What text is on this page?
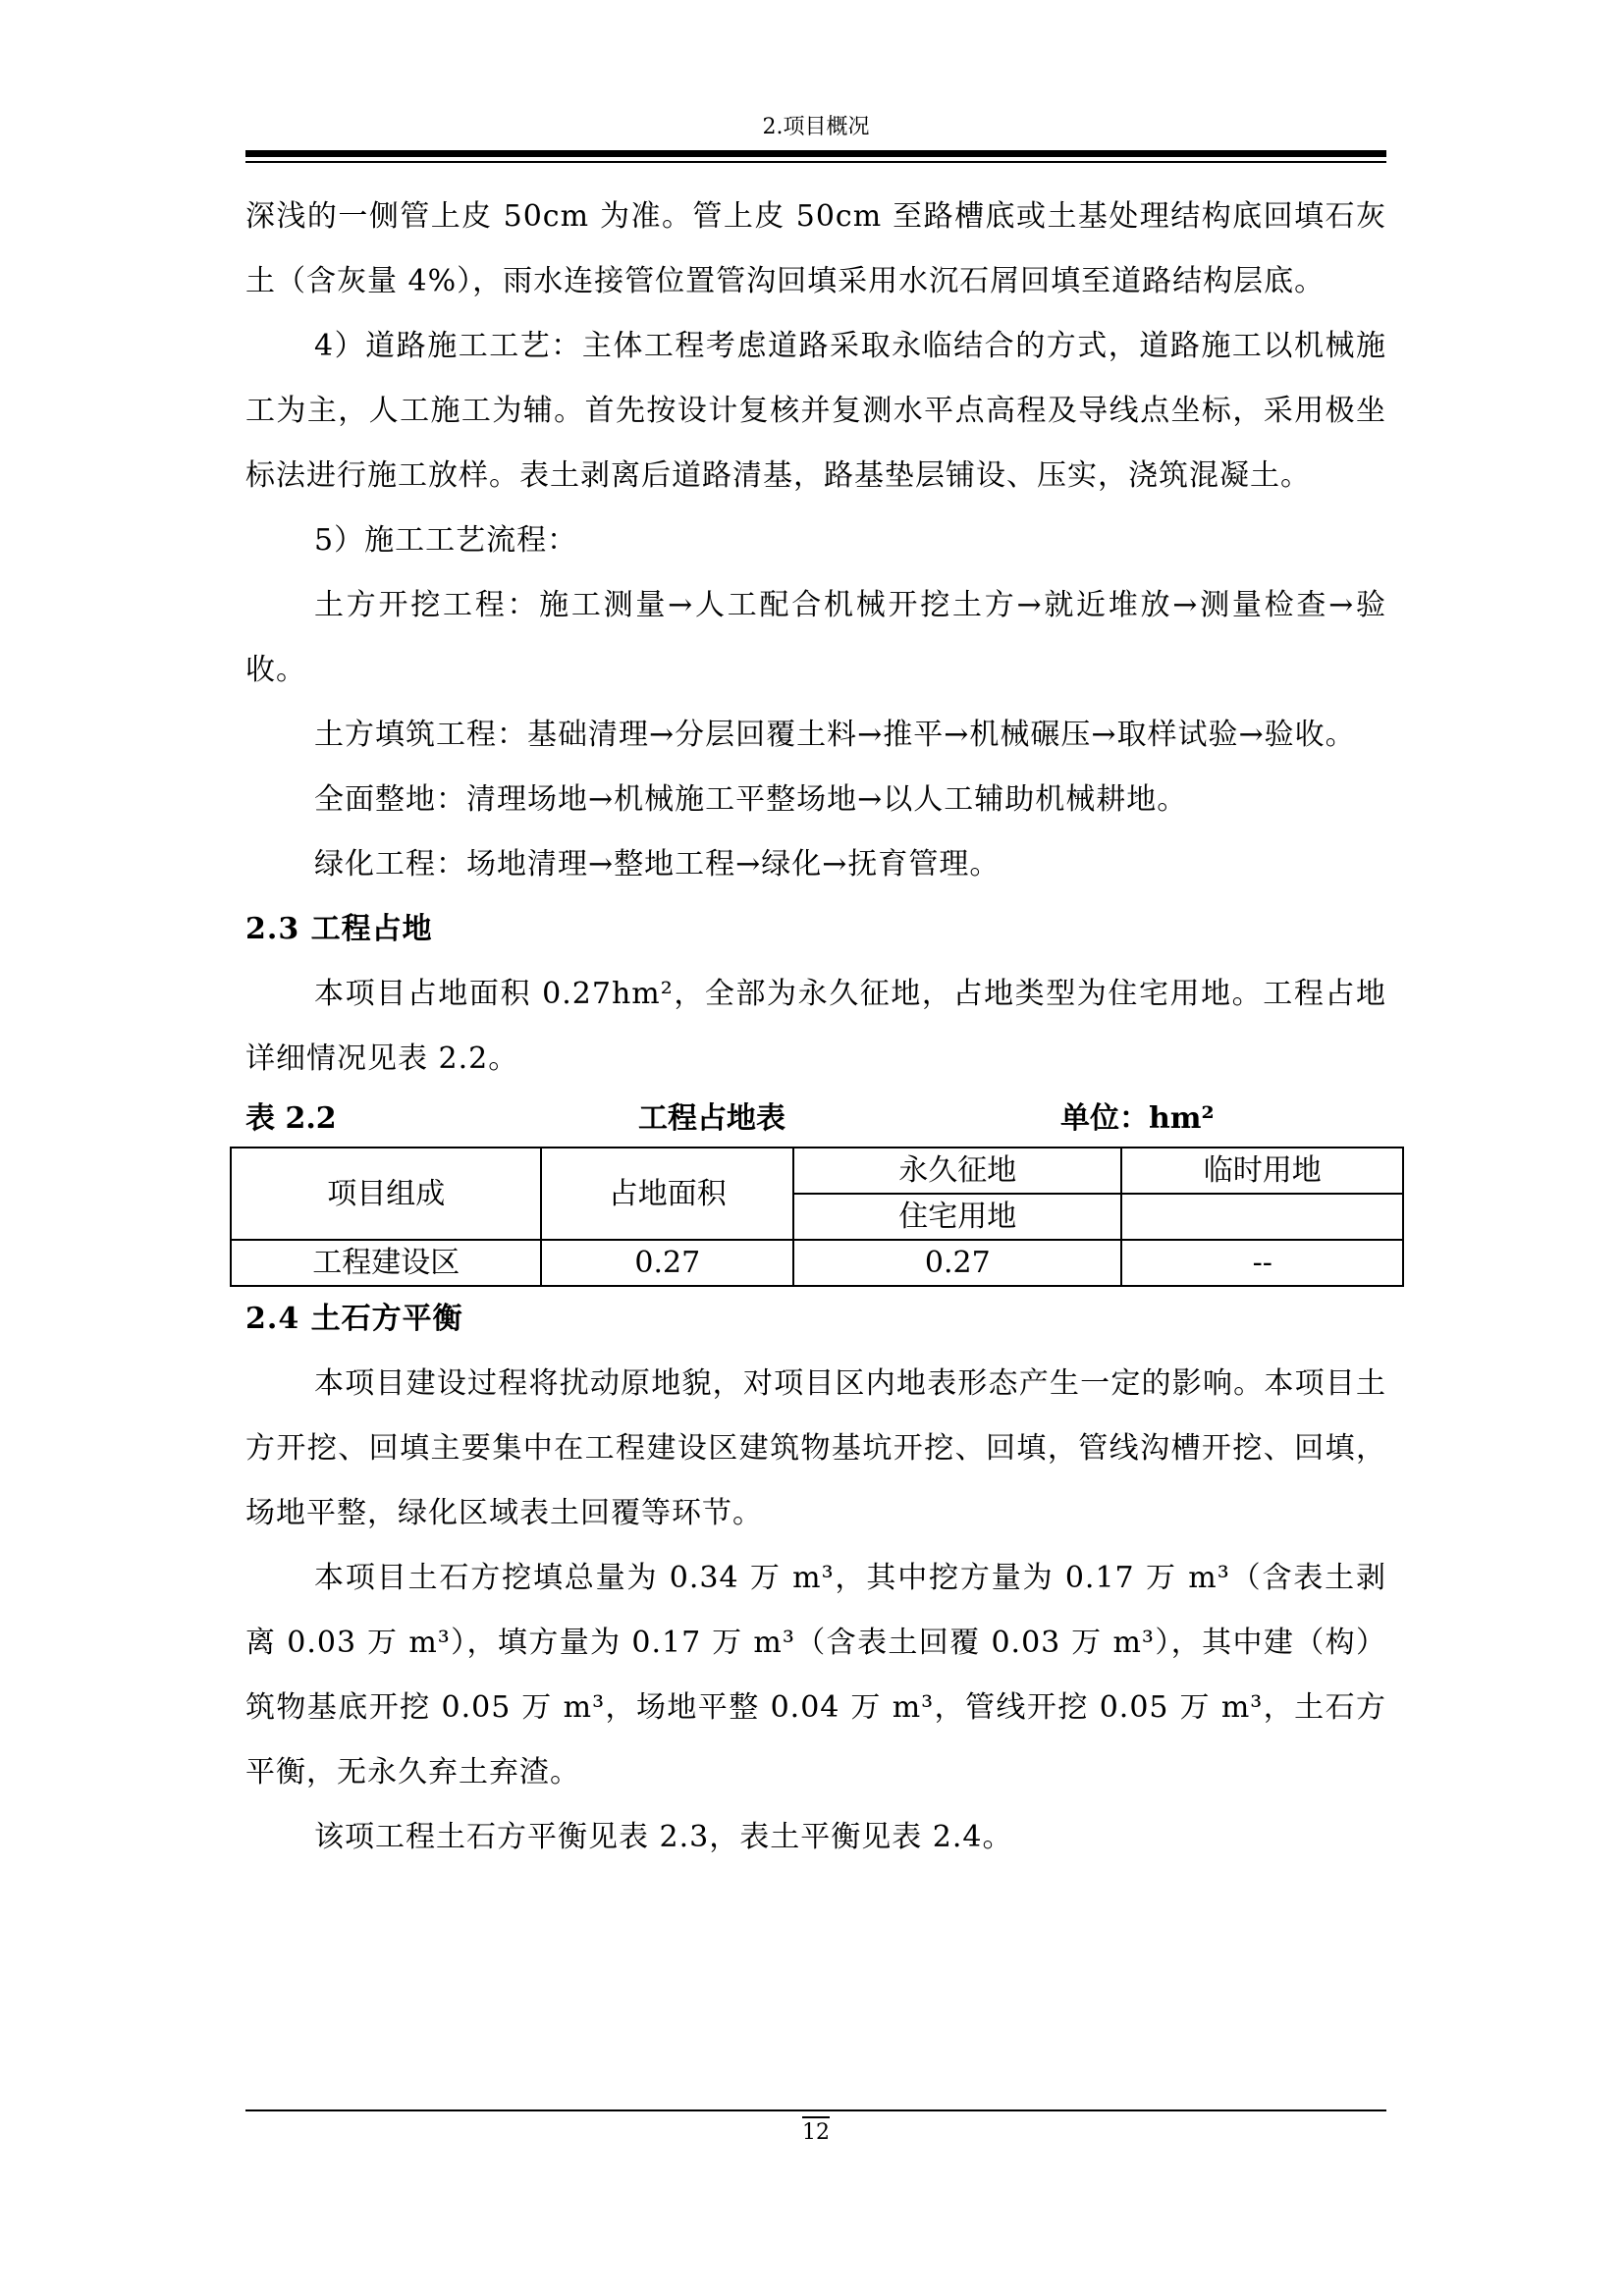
2.项目概况

深浅的一侧管上皮 50cm 为准。管上皮 50cm 至路槽底或土基处理结构底回填石灰土（含灰量 4%），雨水连接管位置管沟回填采用水沉石屑回填至道路结构层底。

4）道路施工工艺：主体工程考虑道路采取永临结合的方式，道路施工以机械施工为主，人工施工为辅。首先按设计复核并复测水平点高程及导线点坐标，采用极坐标法进行施工放样。表土剥离后道路清基，路基垫层铺设、压实，浇筑混凝土。

5）施工工艺流程：

土方开挖工程：施工测量→人工配合机械开挖土方→就近堆放→测量检查→验收。

土方填筑工程：基础清理→分层回覆土料→推平→机械碾压→取样试验→验收。

全面整地：清理场地→机械施工平整场地→以人工辅助机械耕地。

绿化工程：场地清理→整地工程→绿化→抚育管理。

2.3 工程占地

本项目占地面积 0.27hm²，全部为永久征地，占地类型为住宅用地。工程占地详细情况见表 2.2。

表 2.2	工程占地表	单位：hm²
项目组成	占地面积	永久征地	临时用地
		住宅用地	
工程建设区	0.27	0.27	--
2.4 土石方平衡

本项目建设过程将扰动原地貌，对项目区内地表形态产生一定的影响。本项目土方开挖、回填主要集中在工程建设区建筑物基坑开挖、回填，管线沟槽开挖、回填，场地平整，绿化区域表土回覆等环节。

本项目土石方挖填总量为 0.34 万 m³，其中挖方量为 0.17 万 m³（含表土剥离 0.03 万 m³），填方量为 0.17 万 m³（含表土回覆 0.03 万 m³），其中建（构）筑物基底开挖 0.05 万 m³，场地平整 0.04 万 m³，管线开挖 0.05 万 m³，土石方平衡，无永久弃土弃渣。

该项工程土石方平衡见表 2.3，表土平衡见表 2.4。

12
